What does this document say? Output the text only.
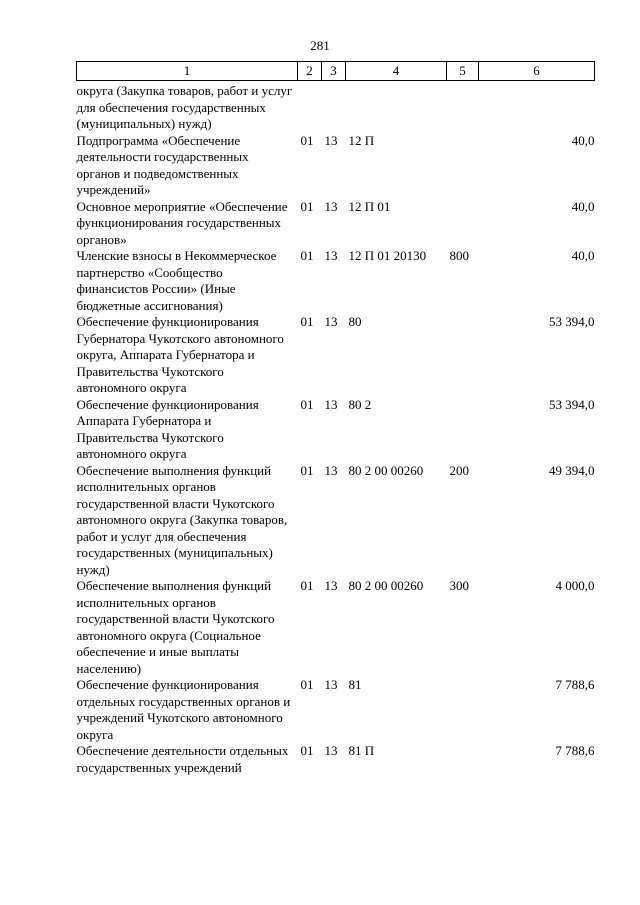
281
1	2	3	4	5	6
округа (Закупка товаров, работ и услуг для обеспечения государственных (муниципальных) нужд)					
Подпрограмма «Обеспечение деятельности государственных органов и подведомственных учреждений»	01	13	12 П		40,0
Основное мероприятие «Обеспечение функционирования государственных органов»	01	13	12 П 01		40,0
Членские взносы в Некоммерческое партнерство «Сообщество финансистов России» (Иные бюджетные ассигнования)	01	13	12 П 01 20130	800	40,0
Обеспечение функционирования Губернатора Чукотского автономного округа, Аппарата Губернатора и Правительства Чукотского автономного округа	01	13	80		53 394,0
Обеспечение функционирования Аппарата Губернатора и Правительства Чукотского автономного округа	01	13	80 2		53 394,0
Обеспечение выполнения функций исполнительных органов государственной власти Чукотского автономного округа (Закупка товаров, работ и услуг для обеспечения государственных (муниципальных) нужд)	01	13	80 2 00 00260	200	49 394,0
Обеспечение выполнения функций исполнительных органов государственной власти Чукотского автономного округа (Социальное обеспечение и иные выплаты населению)	01	13	80 2 00 00260	300	4 000,0
Обеспечение функционирования отдельных государственных органов и учреждений Чукотского автономного округа	01	13	81		7 788,6
Обеспечение деятельности отдельных государственных учреждений	01	13	81 П		7 788,6
